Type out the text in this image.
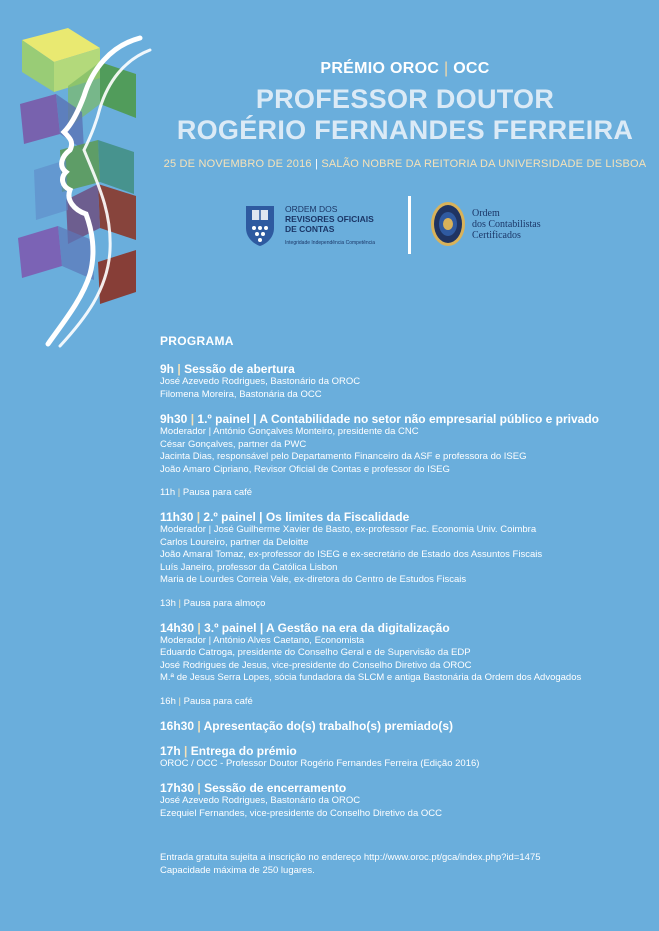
PRÉMIO OROC | OCC
PROFESSOR DOUTOR
ROGÉRIO FERNANDES FERREIRA
25 DE NOVEMBRO DE 2016 | SALÃO NOBRE DA REITORIA DA UNIVERSIDADE DE LISBOA
ORDEM DOS
REVISORES OFICIAIS
DE CONTAS
Integridade Independência Competência
Ordem
dos Contabilistas
Certificados
PROGRAMA
9h | Sessão de abertura
José Azevedo Rodrigues, Bastonário da OROC
Filomena Moreira, Bastonária da OCC
9h30 | 1.º painel | A Contabilidade no setor não empresarial público e privado
Moderador | António Gonçalves Monteiro, presidente da CNC
César Gonçalves, partner da PWC
Jacinta Dias, responsável pelo Departamento Financeiro da ASF e professora do ISEG
João Amaro Cipriano, Revisor Oficial de Contas e professor do ISEG
11h | Pausa para café
11h30 | 2.º painel | Os limites da Fiscalidade
Moderador | José Guilherme Xavier de Basto, ex-professor Fac. Economia Univ. Coimbra
Carlos Loureiro, partner da Deloitte
João Amaral Tomaz, ex-professor do ISEG e ex-secretário de Estado dos Assuntos Fiscais
Luís Janeiro, professor da Católica Lisbon
Maria de Lourdes Correia Vale, ex-diretora do Centro de Estudos Fiscais
13h | Pausa para almoço
14h30 | 3.º painel | A Gestão na era da digitalização
Moderador | António Alves Caetano, Economista
Eduardo Catroga, presidente do Conselho Geral e de Supervisão da EDP
José Rodrigues de Jesus, vice-presidente do Conselho Diretivo da OROC
M.ª de Jesus Serra Lopes, sócia fundadora da SLCM e antiga Bastonária da Ordem dos Advogados
16h | Pausa para café
16h30 | Apresentação do(s) trabalho(s) premiado(s)
17h | Entrega do prémio
OROC / OCC - Professor Doutor Rogério Fernandes Ferreira (Edição 2016)
17h30 | Sessão de encerramento
José Azevedo Rodrigues, Bastonário da OROC
Ezequiel Fernandes, vice-presidente do Conselho Diretivo da OCC
Entrada gratuita sujeita a inscrição no endereço http://www.oroc.pt/gca/index.php?id=1475
Capacidade máxima de 250 lugares.
